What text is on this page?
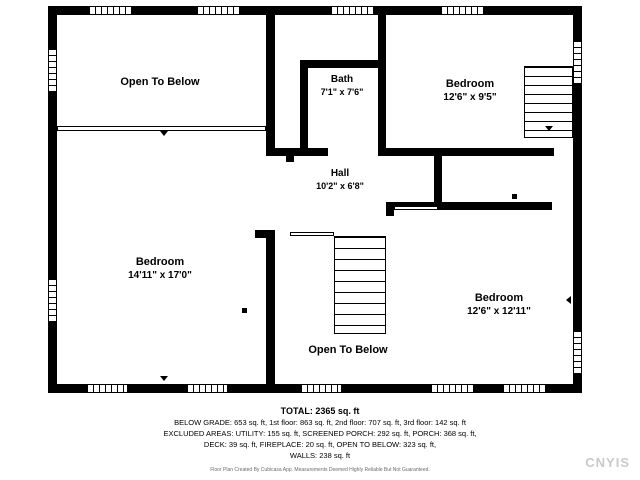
Open To Below	Bath
7'1" x 7'6"
Bedroom
12'6" x 9'5"
Hall
10'2" x 6'8"
Bedroom
14'11" x 17'0"
Bedroom
12'6" x 12'11"
Open To Below
TOTAL: 2365 sq. ft
BELOW GRADE: 653 sq. ft, 1st floor: 863 sq. ft, 2nd floor: 707 sq. ft, 3rd floor: 142 sq. ft
EXCLUDED AREAS: UTILITY: 155 sq. ft, SCREENED PORCH: 292 sq. ft, PORCH: 368 sq. ft,
DECK: 39 sq. ft, FIREPLACE: 20 sq. ft, OPEN TO BELOW: 323 sq. ft,
WALLS: 238 sq. ft
Floor Plan Created By Cubicasa App. Measurements Deemed Highly Reliable But Not Guaranteed.	CNYIS
